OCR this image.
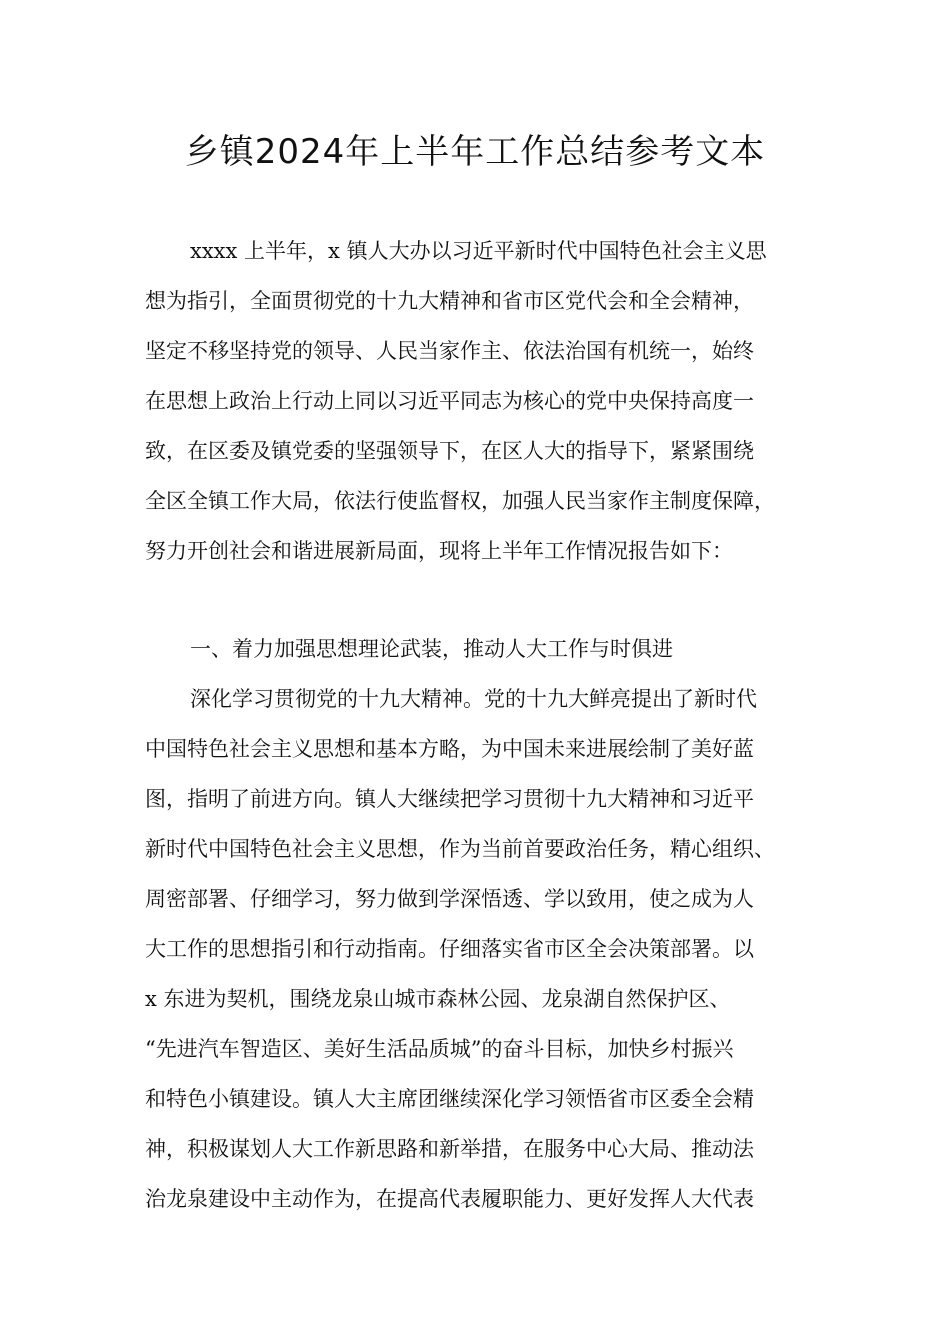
乡镇2024年上半年工作总结参考文本
xxxx 上半年，x 镇人大办以习近平新时代中国特色社会主义思
想为指引，全面贯彻党的十九大精神和省市区党代会和全会精神，
坚定不移坚持党的领导、人民当家作主、依法治国有机统一，始终
在思想上政治上行动上同以习近平同志为核心的党中央保持高度一
致，在区委及镇党委的坚强领导下，在区人大的指导下，紧紧围绕
全区全镇工作大局，依法行使监督权，加强人民当家作主制度保障，
努力开创社会和谐进展新局面，现将上半年工作情况报告如下：
一、着力加强思想理论武装，推动人大工作与时俱进
深化学习贯彻党的十九大精神。党的十九大鲜亮提出了新时代
中国特色社会主义思想和基本方略，为中国未来进展绘制了美好蓝
图，指明了前进方向。镇人大继续把学习贯彻十九大精神和习近平
新时代中国特色社会主义思想，作为当前首要政治任务，精心组织、
周密部署、仔细学习，努力做到学深悟透、学以致用，使之成为人
大工作的思想指引和行动指南。仔细落实省市区全会决策部署。以
x 东进为契机，围绕龙泉山城市森林公园、龙泉湖自然保护区、
“先进汽车智造区、美好生活品质城”的奋斗目标，加快乡村振兴
和特色小镇建设。镇人大主席团继续深化学习领悟省市区委全会精
神，积极谋划人大工作新思路和新举措，在服务中心大局、推动法
治龙泉建设中主动作为，在提高代表履职能力、更好发挥人大代表
